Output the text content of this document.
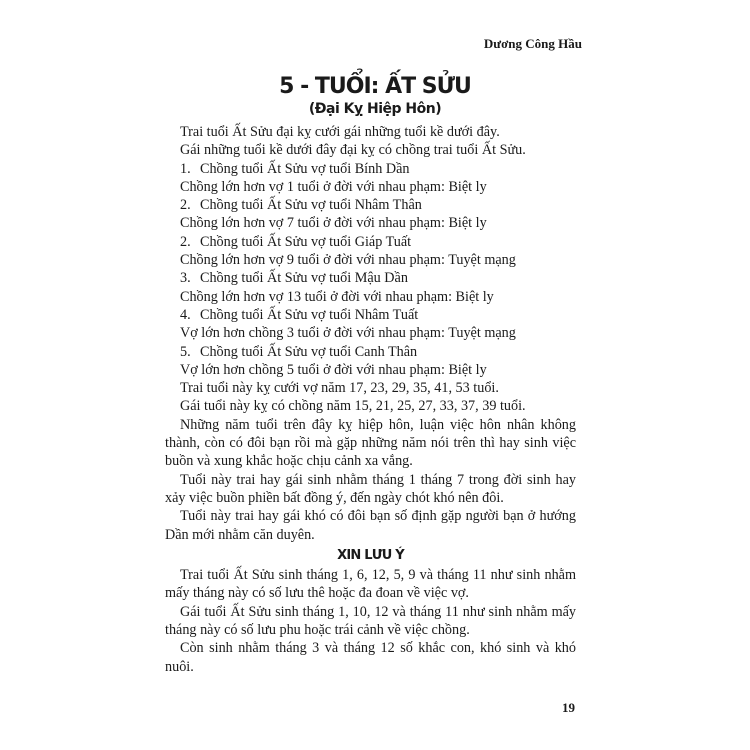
Dương Công Hầu
5 - TUỔI: ẤT SỬU
(Đại Kỵ Hiệp Hôn)
Trai tuổi Ất Sửu đại kỵ cưới gái những tuổi kề dưới đây.
Gái những tuổi kề dưới đây đại kỵ có chồng trai tuổi Ất Sửu.
1. Chồng tuổi Ất Sửu vợ tuổi Bính Dần
Chồng lớn hơn vợ 1 tuổi ở đời với nhau phạm: Biệt ly
2. Chồng tuổi Ất Sửu vợ tuổi Nhâm Thân
Chồng lớn hơn vợ 7 tuổi ở đời với nhau phạm: Biệt ly
2. Chồng tuổi Ất Sửu vợ tuổi Giáp Tuất
Chồng lớn hơn vợ 9 tuổi ở đời với nhau phạm: Tuyệt mạng
3. Chồng tuổi Ất Sửu vợ tuổi Mậu Dần
Chồng lớn hơn vợ 13 tuổi ở đời với nhau phạm: Biệt ly
4. Chồng tuổi Ất Sửu vợ tuổi Nhâm Tuất
Vợ lớn hơn chồng 3 tuổi ở đời với nhau phạm: Tuyệt mạng
5. Chồng tuổi Ất Sửu vợ tuổi Canh Thân
Vợ lớn hơn chồng 5 tuổi ở đời với nhau phạm: Biệt ly

Trai tuổi này kỵ cưới vợ năm 17, 23, 29, 35, 41, 53 tuổi.

Gái tuổi này kỵ có chồng năm 15, 21, 25, 27, 33, 37, 39 tuổi.

Những năm tuổi trên đây kỵ hiệp hôn, luận việc hôn nhân không thành, còn có đôi bạn rồi mà gặp những năm nói trên thì hay sinh việc buồn và xung khắc hoặc chịu cảnh xa vắng.

Tuổi này trai hay gái sinh nhằm tháng 1 tháng 7 trong đời sinh hay xảy việc buồn phiền bất đồng ý, đến ngày chót khó nên đôi.

Tuổi này trai hay gái khó có đôi bạn số định gặp người bạn ở hướng Dần mới nhằm căn duyên.

XIN LƯU Ý

Trai tuổi Ất Sửu sinh tháng 1, 6, 12, 5, 9 và tháng 11 như sinh nhằm mấy tháng này có số lưu thê hoặc đa đoan về việc vợ.

Gái tuổi Ất Sửu sinh tháng 1, 10, 12 và tháng 11 như sinh nhằm mấy tháng này có số lưu phu hoặc trái cảnh về việc chồng.

Còn sinh nhằm tháng 3 và tháng 12 số khắc con, khó sinh và khó nuôi.

19
